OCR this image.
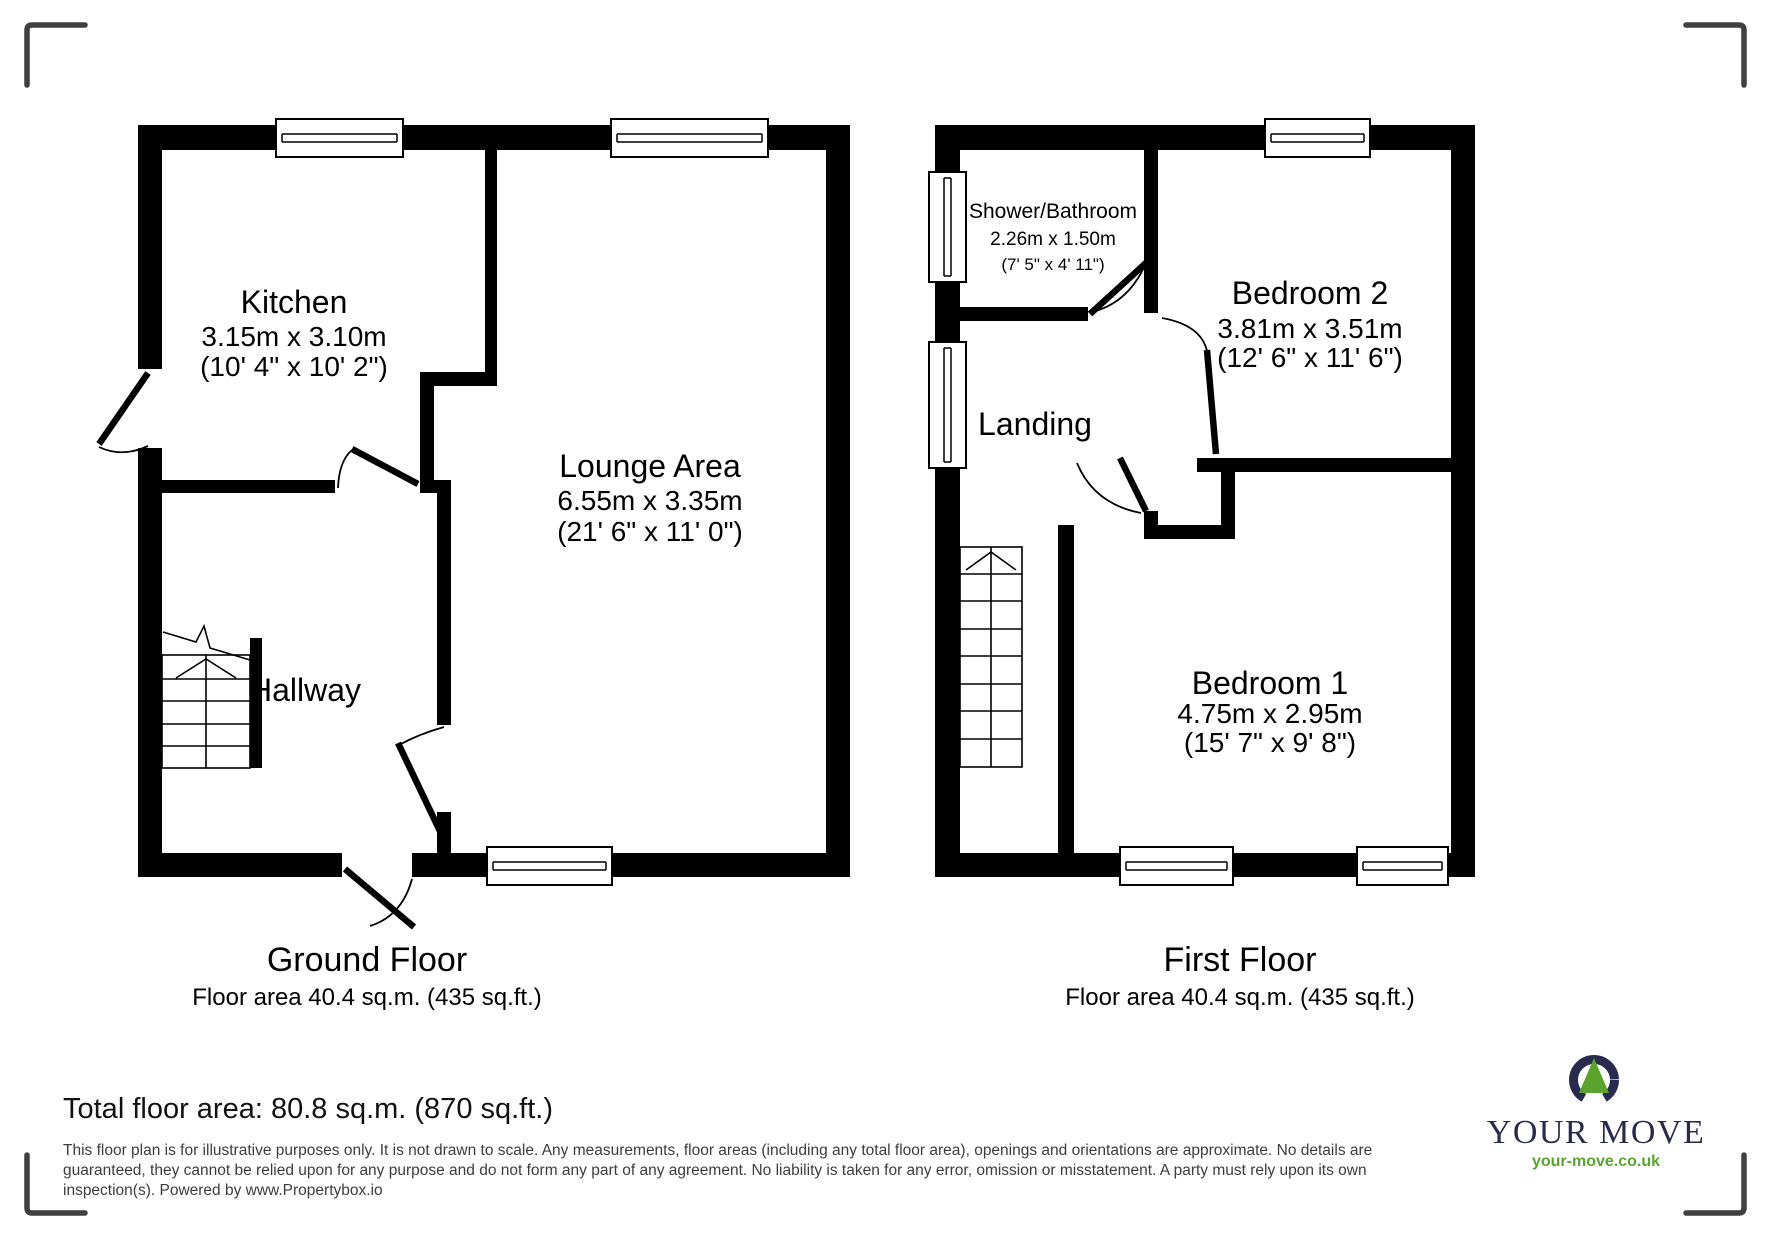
Kitchen
3.15m x 3.10m
(10' 4" x 10' 2")
Lounge Area
6.55m x 3.35m
(21' 6" x 11' 0")
Hallway
Ground Floor
Floor area 40.4 sq.m. (435 sq.ft.)
Shower/Bathroom
2.26m x 1.50m
(7' 5" x 4' 11")
Bedroom 2
3.81m x 3.51m
(12' 6" x 11' 6")
Landing
Bedroom 1
4.75m x 2.95m
(15' 7" x 9' 8")
First Floor
Floor area 40.4 sq.m. (435 sq.ft.)
Total floor area: 80.8 sq.m. (870 sq.ft.)
This floor plan is for illustrative purposes only. It is not drawn to scale. Any measurements, floor areas (including any total floor area), openings and orientations are approximate. No details are
guaranteed, they cannot be relied upon for any purpose and do not form any part of any agreement. No liability is taken for any error, omission or misstatement. A party must rely upon its own
inspection(s). Powered by www.Propertybox.io
YOUR MOVE
your-move.co.uk
